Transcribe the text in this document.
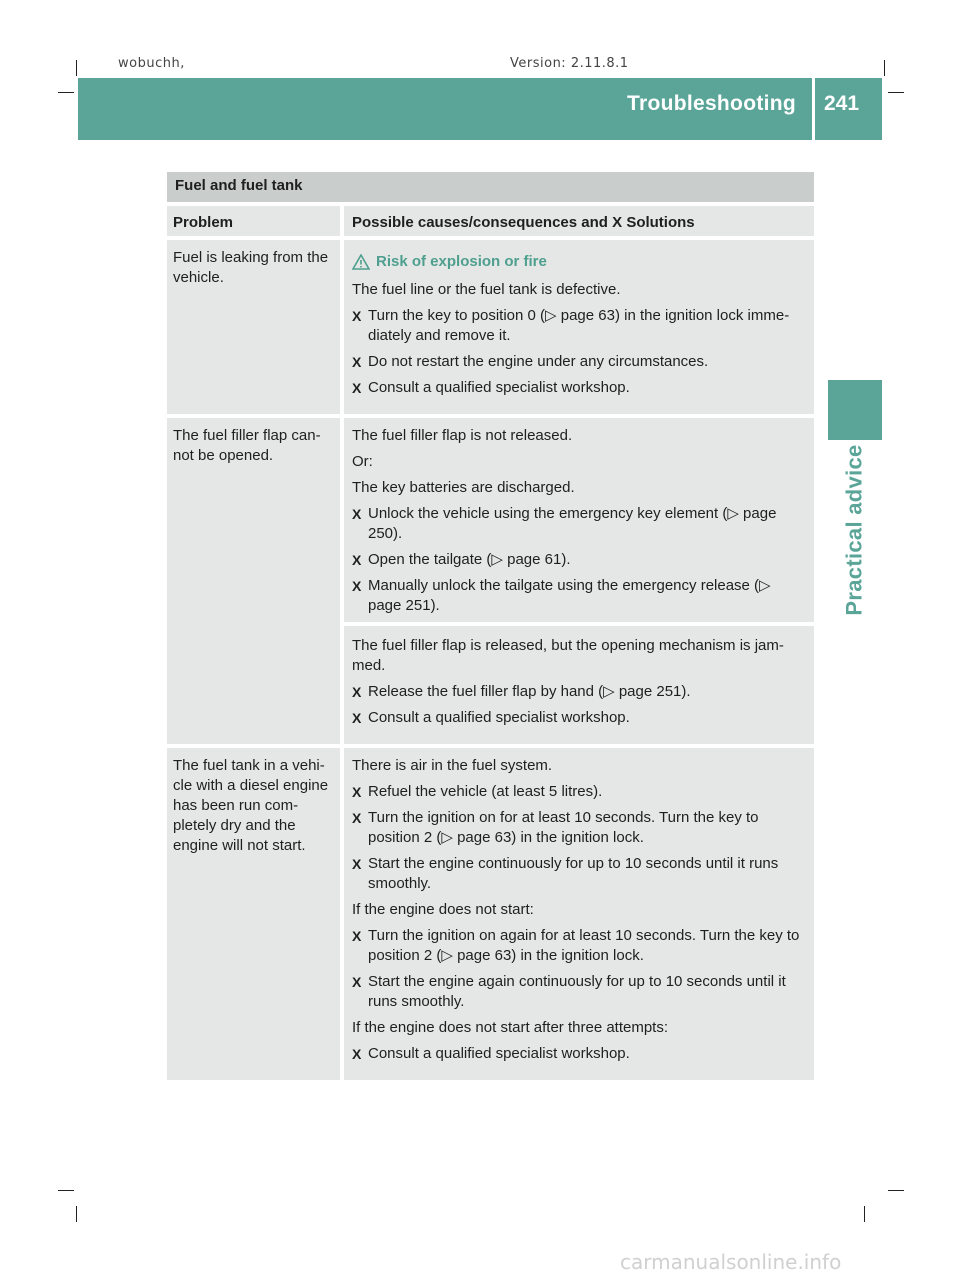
wobuchh,	Version: 2.11.8.1
Troubleshooting 241
Practical advice
Fuel and fuel tank
Problem	Possible causes/consequences and X Solutions
Fuel is leaking from the vehicle.
Risk of explosion or fire

The fuel line or the fuel tank is defective.

X Turn the key to position 0 (▷ page 63) in the ignition lock imme- diately and remove it.
X Do not restart the engine under any circumstances.
X Consult a qualified specialist workshop.
The fuel filler flap can- not be opened.

The fuel filler flap is not released.

Or:

The key batteries are discharged.

X Unlock the vehicle using the emergency key element (▷ page 250).
X Open the tailgate (▷ page 61).
X Manually unlock the tailgate using the emergency release (▷ page 251).

The fuel filler flap is released, but the opening mechanism is jam- med.

X Release the fuel filler flap by hand (▷ page 251).
X Consult a qualified specialist workshop.
The fuel tank in a vehi- cle with a diesel engine has been run com- pletely dry and the engine will not start.

There is air in the fuel system.

X Refuel the vehicle (at least 5 litres).
X Turn the ignition on for at least 10 seconds. Turn the key to position 2 (▷ page 63) in the ignition lock.
X Start the engine continuously for up to 10 seconds until it runs smoothly.

If the engine does not start:

X Turn the ignition on again for at least 10 seconds. Turn the key to position 2 (▷ page 63) in the ignition lock.
X Start the engine again continuously for up to 10 seconds until it runs smoothly.

If the engine does not start after three attempts:

X Consult a qualified specialist workshop.
carmanualsonline.info
